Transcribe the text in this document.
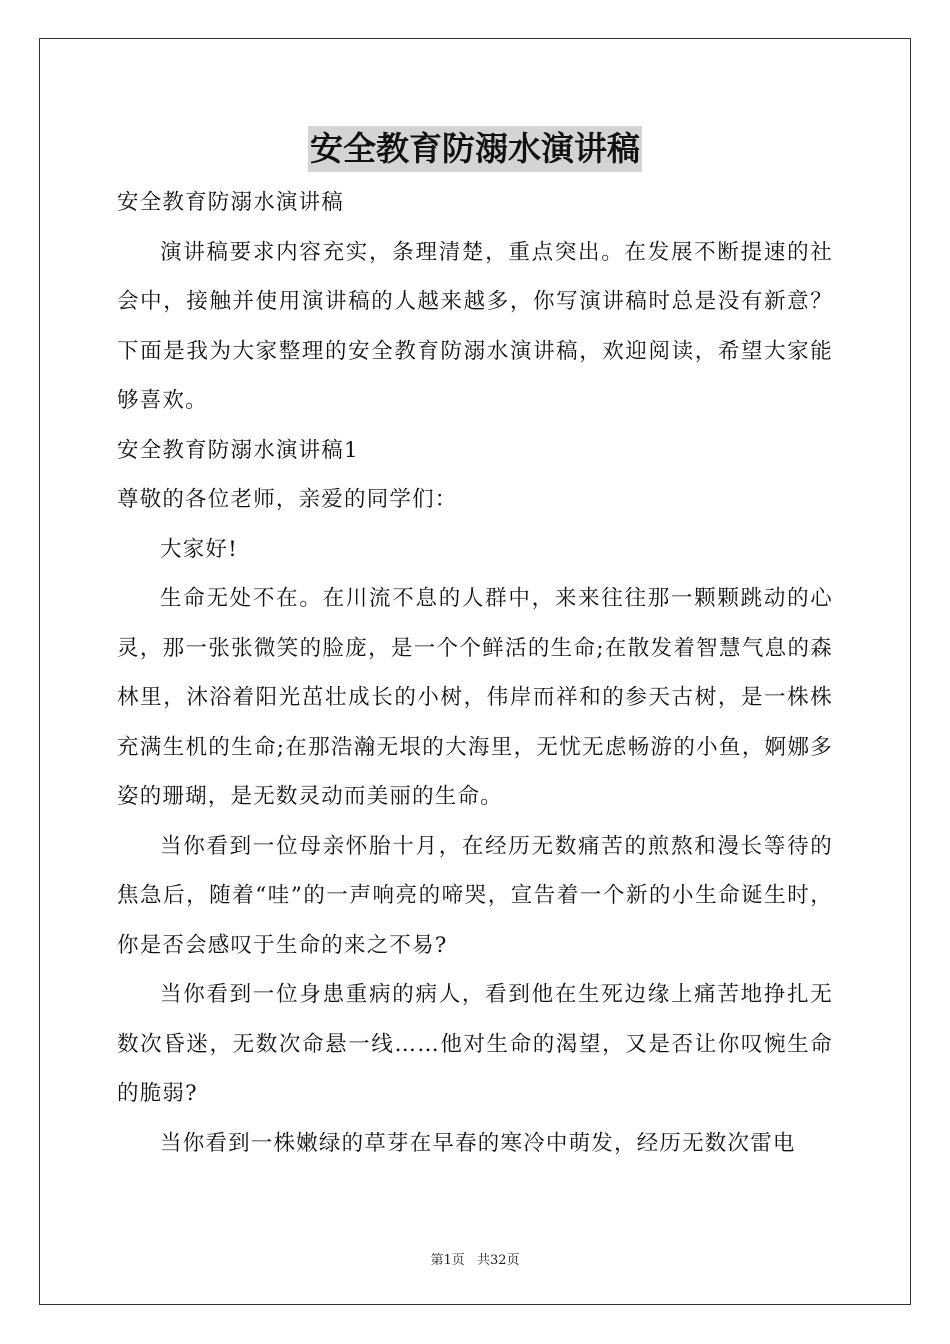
安全教育防溺水演讲稿

安全教育防溺水演讲稿

演讲稿要求内容充实，条理清楚，重点突出。在发展不断提速的社会中，接触并使用演讲稿的人越来越多，你写演讲稿时总是没有新意？下面是我为大家整理的安全教育防溺水演讲稿，欢迎阅读，希望大家能够喜欢。

安全教育防溺水演讲稿1

尊敬的各位老师，亲爱的同学们：

大家好!

生命无处不在。在川流不息的人群中，来来往往那一颗颗跳动的心灵，那一张张微笑的脸庞，是一个个鲜活的生命;在散发着智慧气息的森林里，沐浴着阳光茁壮成长的小树，伟岸而祥和的参天古树，是一株株充满生机的生命;在那浩瀚无垠的大海里，无忧无虑畅游的小鱼，婀娜多姿的珊瑚，是无数灵动而美丽的生命。

当你看到一位母亲怀胎十月，在经历无数痛苦的煎熬和漫长等待的焦急后，随着“哇”的一声响亮的啼哭，宣告着一个新的小生命诞生时，你是否会感叹于生命的来之不易?

当你看到一位身患重病的病人，看到他在生死边缘上痛苦地挣扎无数次昏迷，无数次命悬一线……他对生命的渴望，又是否让你叹惋生命的脆弱?

当你看到一株嫩绿的草芽在早春的寒冷中萌发，经历无数次雷电

第1页 共32页
